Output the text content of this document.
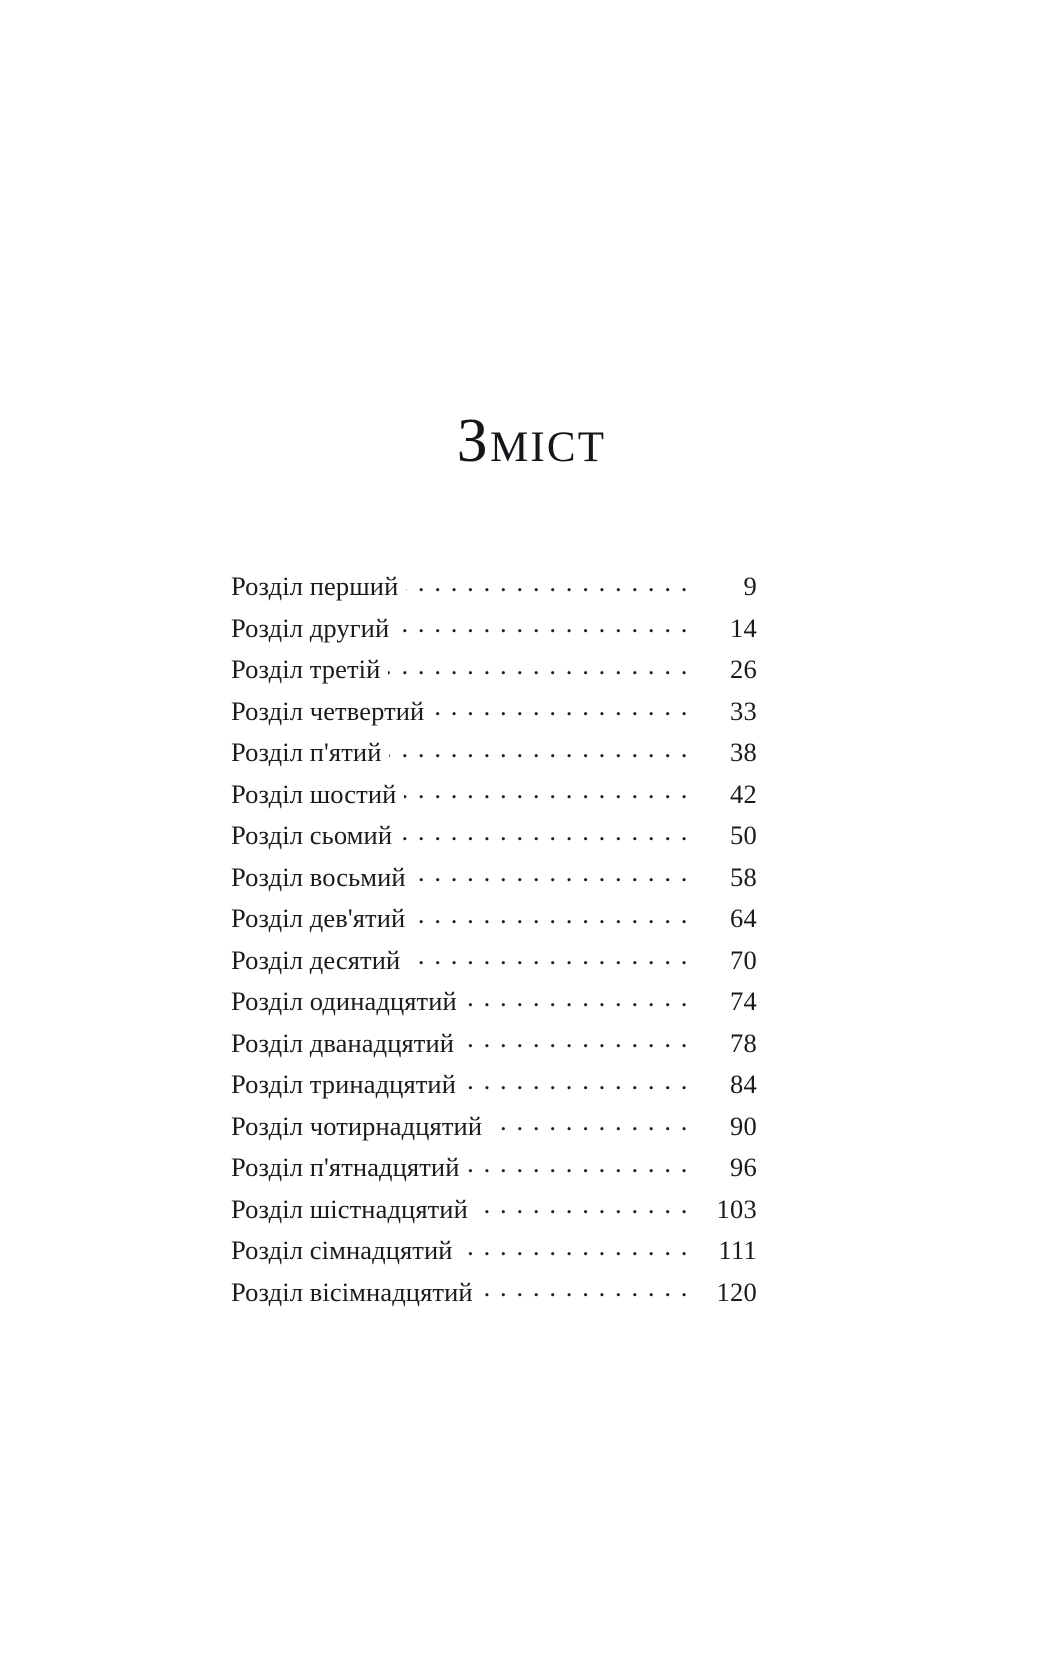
Зміст
Розділ перший . . .	9
Розділ другий . . .	14
Розділ третій . . .	26
Розділ четвертий . . .	33
Розділ п'ятий . . .	38
Розділ шостий . . .	42
Розділ сьомий . . .	50
Розділ восьмий . . .	58
Розділ дев'ятий . . .	64
Розділ десятий . . .	70
Розділ одинадцятий . . .	74
Розділ дванадцятий . . .	78
Розділ тринадцятий . . .	84
Розділ чотирнадцятий . . .	90
Розділ п'ятнадцятий . . .	96
Розділ шістнадцятий . . .	103
Розділ сімнадцятий . . .	111
Розділ вісімнадцятий . . .	120
